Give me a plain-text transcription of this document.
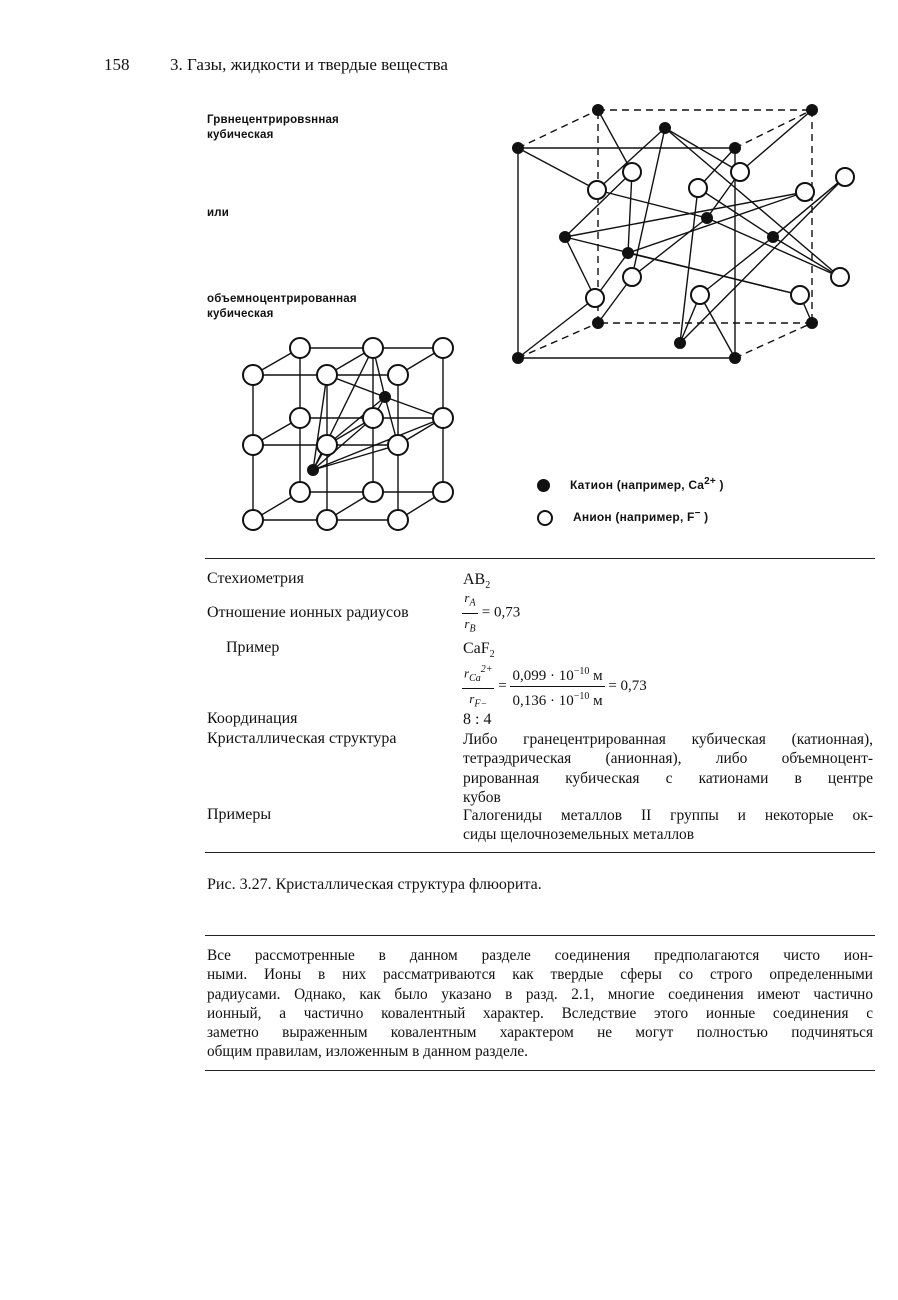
158 3. Газы, жидкости и твердые вещества
Грвнецентрировsнная
кубическая
или
объемноцентрированная
кубическая
Катион (например, $Ca^{2+}$ )
Анион (например, F− )
Стехиометрия	$AB_2$
Отношение ионных радиусов	$\frac{r_A}{r_B} = 0,73$
Пример	CaF$_2$
$\frac{r_{Ca}^{2+}}{r_{F-}} = \frac{0,099 \cdot 10^{-10} м}{0,136 \cdot 10^{-10} м} = 0,73$
Координация	8 : 4
Кристаллическая структура	Либо гранецентрированная кубическая (катионная),
тетраэдрическая (анионная), либо объемноцент-
рированная кубическая с катионами в центре
кубов
Примеры	Галогениды металлов II группы и некоторые ок-
сиды щелочноземельных металлов
Рис. 3.27. Кристаллическая структура флюорита.
Все рассмотренные в данном разделе соединения предполагаются чисто ион-
ными. Ионы в них рассматриваются как твердые сферы со строго определенными
радиусами. Однако, как было указано в разд. 2.1, многие соединения имеют частично
ионный, а частично ковалентный характер. Вследствие этого ионные соединения с
заметно выраженным ковалентным характером не могут полностью подчиняться
общим правилам, изложенным в данном разделе.
